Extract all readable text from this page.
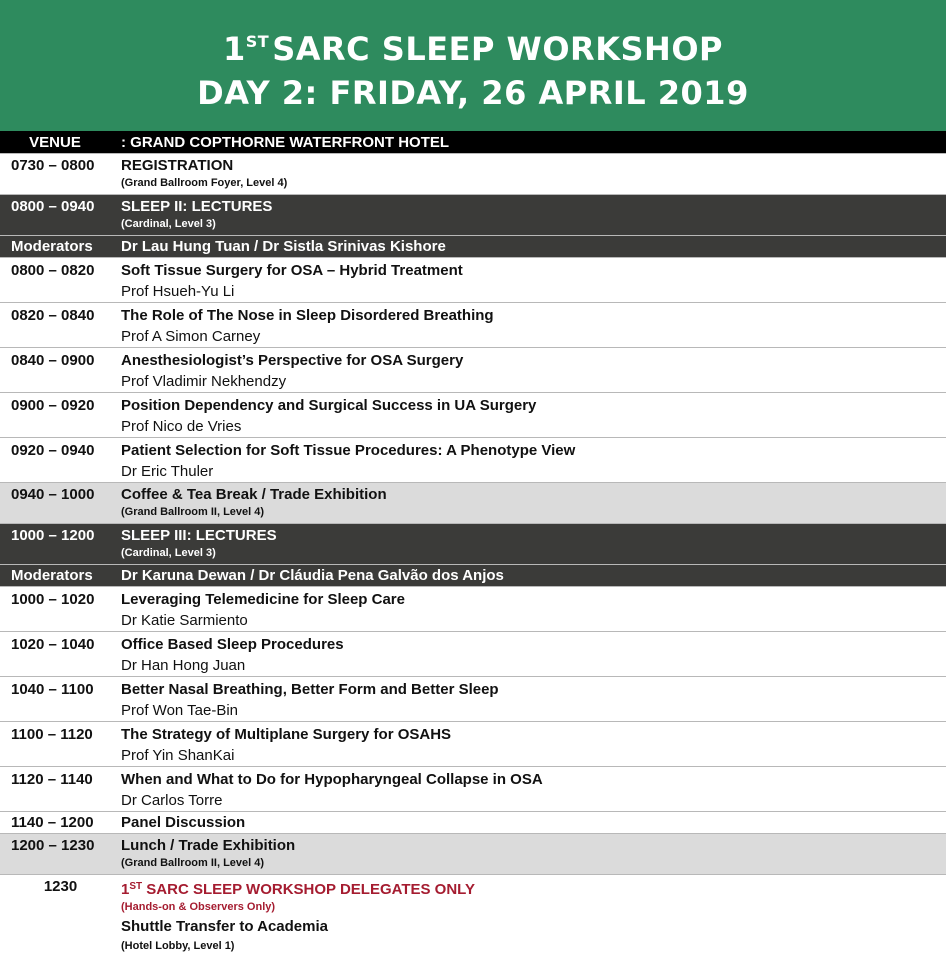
1STSARC SLEEP WORKSHOP
DAY 2: FRIDAY, 26 APRIL 2019
VENUE	: GRAND COPTHORNE WATERFRONT HOTEL
0730 – 0800	REGISTRATION
(Grand Ballroom Foyer, Level 4)
0800 – 0940	SLEEP II: LECTURES
(Cardinal, Level 3)
Moderators	Dr Lau Hung Tuan / Dr Sistla Srinivas Kishore
0800 – 0820	Soft Tissue Surgery for OSA – Hybrid Treatment
Prof Hsueh-Yu Li
0820 – 0840	The Role of The Nose in Sleep Disordered Breathing
Prof A Simon Carney
0840 – 0900	Anesthesiologist’s Perspective for OSA Surgery
Prof Vladimir Nekhendzy
0900 – 0920	Position Dependency and Surgical Success in UA Surgery
Prof Nico de Vries
0920 – 0940	Patient Selection for Soft Tissue Procedures: A Phenotype View
Dr Eric Thuler
0940 – 1000	Coffee & Tea Break / Trade Exhibition
(Grand Ballroom II, Level 4)
1000 – 1200	SLEEP III: LECTURES
(Cardinal, Level 3)
Moderators	Dr Karuna Dewan / Dr Cláudia Pena Galvão dos Anjos
1000 – 1020	Leveraging Telemedicine for Sleep Care
Dr Katie Sarmiento
1020 – 1040	Office Based Sleep Procedures
Dr Han Hong Juan
1040 – 1100	Better Nasal Breathing, Better Form and Better Sleep
Prof Won Tae-Bin
1100 – 1120	The Strategy of Multiplane Surgery for OSAHS
Prof Yin ShanKai
1120 – 1140	When and What to Do for Hypopharyngeal Collapse in OSA
Dr Carlos Torre
1140 – 1200	Panel Discussion
1200 – 1230	Lunch / Trade Exhibition
(Grand Ballroom II, Level 4)
1230	1ST SARC SLEEP WORKSHOP DELEGATES ONLY
(Hands-on & Observers Only)
Shuttle Transfer to Academia
(Hotel Lobby, Level 1)
